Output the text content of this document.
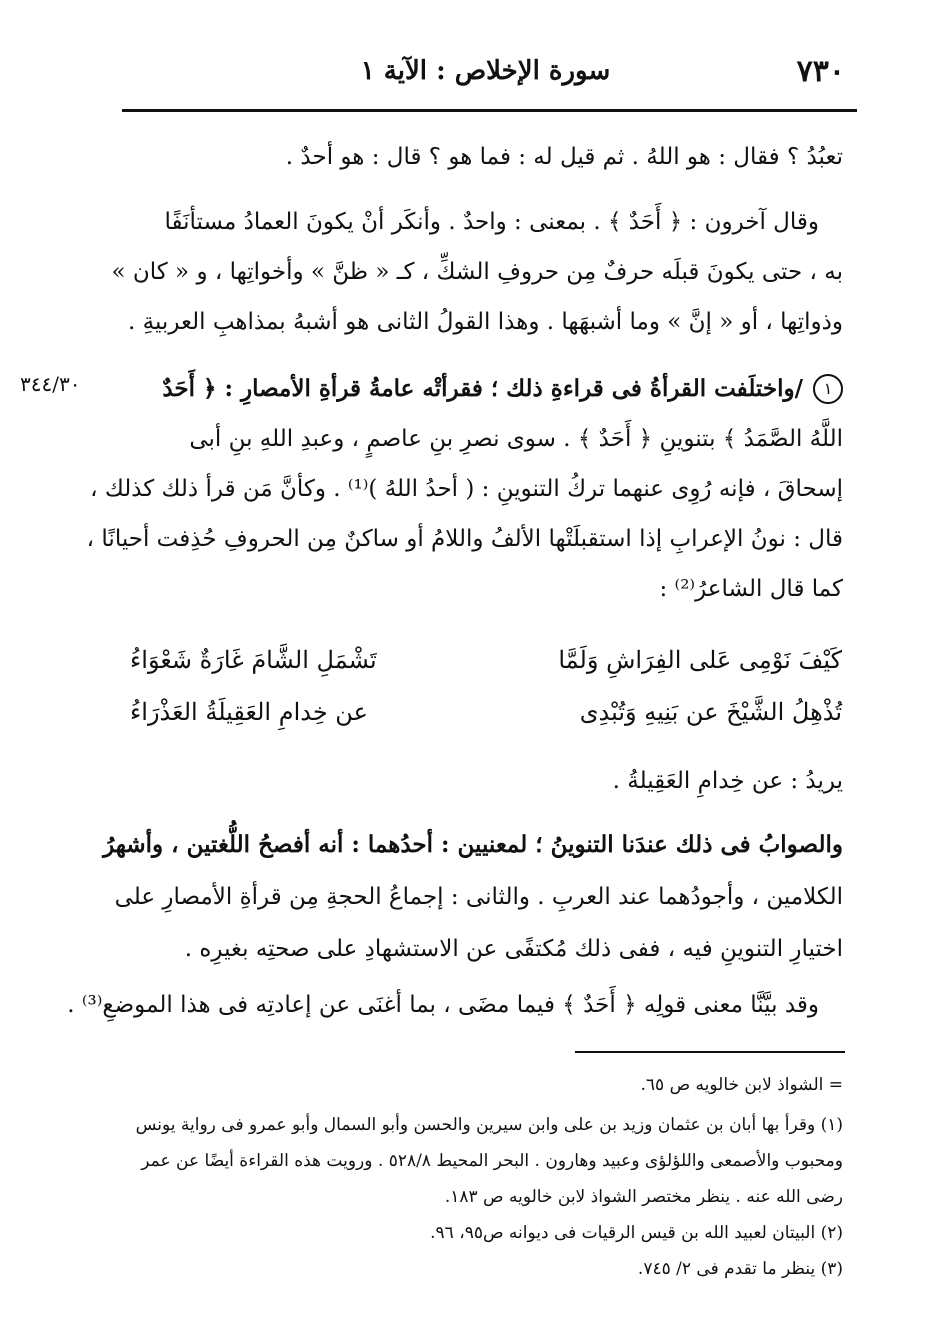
٧٣٠
سورة الإخلاص : الآية ١
٣٤٤/٣٠
تعبُدُ ؟ فقال : هو اللهُ . ثم قيل له : فما هو ؟ قال : هو أحدٌ .
وقال آخرون : ﴿ أَحَدٌ ﴾ . بمعنى : واحدٌ . وأنكَر أنْ يكونَ العمادُ مستأنَفًا
به ، حتى يكونَ قبلَه حرفٌ مِن حروفِ الشكِّ ، كـ « ظنَّ » وأخواتِها ، و « كان »
وذواتِها ، أو « إنَّ » وما أشبهَها . وهذا القولُ الثانى هو أشبهُ بمذاهبِ العربيةِ .
١
/واختلَفت القرأةُ فى قراءةِ ذلك ؛ فقرأتْه عامةُ قرأةِ الأمصارِ : ﴿ أَحَدٌ
اللَّهُ الصَّمَدُ ﴾ بتنوينِ ﴿ أَحَدٌ ﴾ . سوى نصرِ بنِ عاصمٍ ، وعبدِ اللهِ بنِ أبى
إسحاقَ ، فإنه رُوِى عنهما تركُ التنوينِ : ( أحدُ اللهُ )⁽¹⁾ . وكأنَّ مَن قرأ ذلك كذلك ،
قال : نونُ الإعرابِ إذا استقبلَتْها الألفُ واللامُ أو ساكنٌ مِن الحروفِ حُذِفت أحيانًا ،
كما قال الشاعرُ⁽²⁾ :
كَيْفَ نَوْمِى عَلى الفِرَاشِ وَلَمَّا
تَشْمَلِ الشَّامَ غَارَةٌ شَعْوَاءُ
تُذْهِلُ الشَّيْخَ عن بَنِيهِ وَتُبْدِى
عن خِدامِ العَقِيلَةُ العَذْرَاءُ
يريدُ : عن خِدامِ العَقِيلةُ .
والصوابُ فى ذلك عندَنا التنوينُ ؛ لمعنيين : أحدُهما : أنه أفصحُ اللُّغتين ، وأشهرُ
الكلامين ، وأجودُهما عند العربِ . والثانى : إجماعُ الحجةِ مِن قرأةِ الأمصارِ على
اختيارِ التنوينِ فيه ، ففى ذلك مُكتفًى عن الاستشهادِ على صحتِه بغيرِه .
وقد بيَّنَّا معنى قولِه ﴿ أَحَدٌ ﴾ فيما مضَى ، بما أغنَى عن إعادتِه فى هذا الموضعِ⁽³⁾ .
= الشواذ لابن خالويه ص ٦٥.
(١) وقرأ بها أبان بن عثمان وزيد بن على وابن سيرين والحسن وأبو السمال وأبو عمرو فى رواية يونس
ومحبوب والأصمعى واللؤلؤى وعبيد وهارون . البحر المحيط ٥٢٨/٨ . ورويت هذه القراءة أيضًا عن عمر
رضى الله عنه . ينظر مختصر الشواذ لابن خالويه ص ١٨٣.
(٢) البيتان لعبيد الله بن قيس الرقيات فى ديوانه ص٩٥، ٩٦.
(٣) ينظر ما تقدم فى ٢/ ٧٤٥.
